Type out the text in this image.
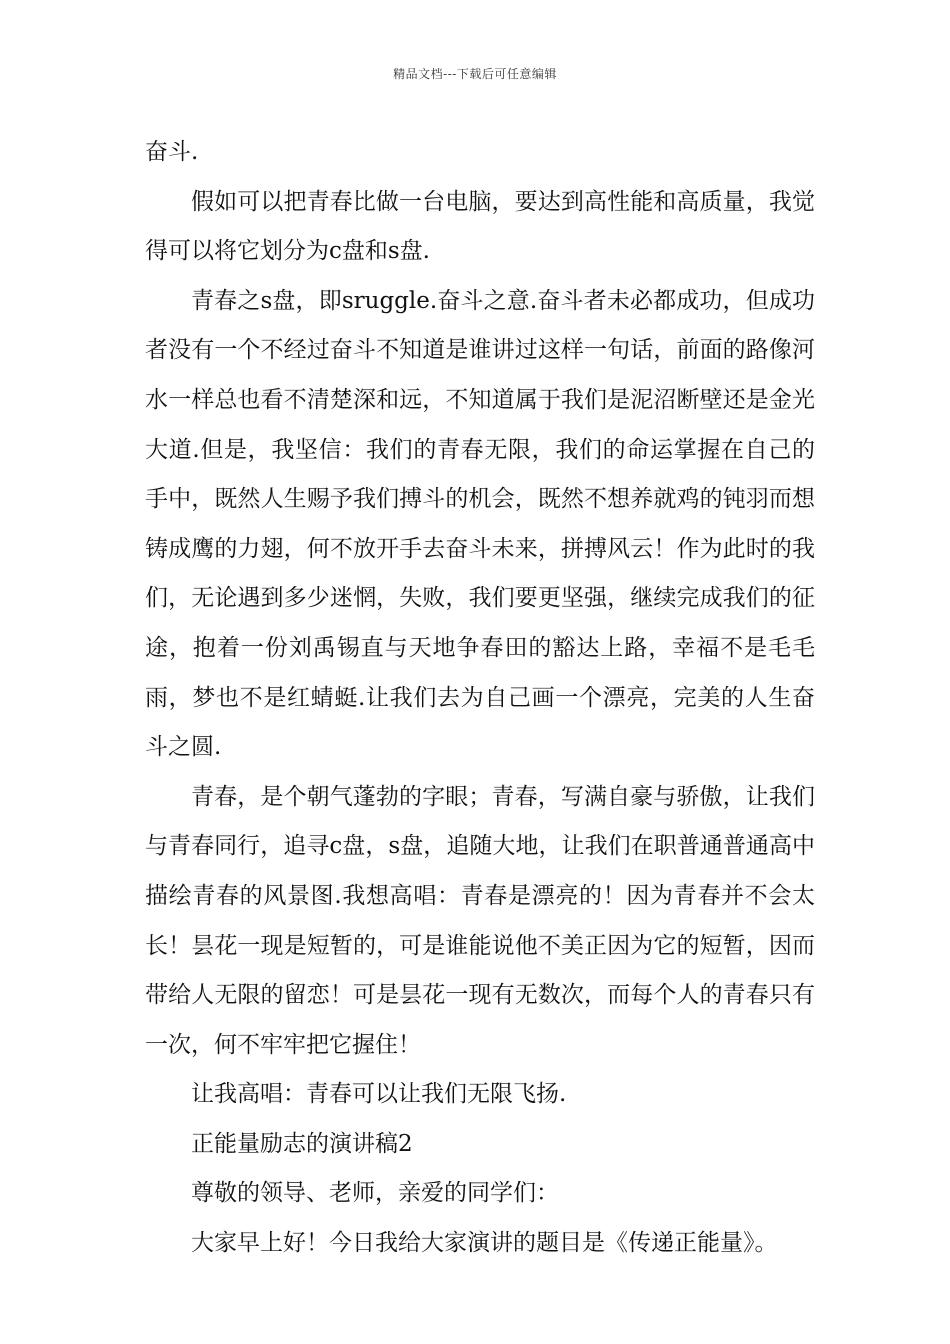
精品文档---下载后可任意编辑

奋斗.

假如可以把青春比做一台电脑，要达到高性能和高质量，我觉得可以将它划分为c盘和s盘.

青春之s盘，即sruggle.奋斗之意.奋斗者未必都成功，但成功者没有一个不经过奋斗不知道是谁讲过这样一句话，前面的路像河水一样总也看不清楚深和远，不知道属于我们是泥沼断壁还是金光大道.但是，我坚信：我们的青春无限，我们的命运掌握在自己的手中，既然人生赐予我们搏斗的机会，既然不想养就鸡的钝羽而想铸成鹰的力翅，何不放开手去奋斗未来，拼搏风云！作为此时的我们，无论遇到多少迷惘，失败，我们要更坚强，继续完成我们的征途，抱着一份刘禹锡直与天地争春田的豁达上路，幸福不是毛毛雨，梦也不是红蜻蜓.让我们去为自己画一个漂亮，完美的人生奋斗之圆.

青春，是个朝气蓬勃的字眼；青春，写满自豪与骄傲，让我们与青春同行，追寻c盘，s盘，追随大地，让我们在职普通普通高中描绘青春的风景图.我想高唱：青春是漂亮的！因为青春并不会太长！昙花一现是短暂的，可是谁能说他不美正因为它的短暂，因而带给人无限的留恋！可是昙花一现有无数次，而每个人的青春只有一次，何不牢牢把它握住！

让我高唱：青春可以让我们无限飞扬.

正能量励志的演讲稿2

尊敬的领导、老师，亲爱的同学们：

大家早上好！今日我给大家演讲的题目是《传递正能量》。
